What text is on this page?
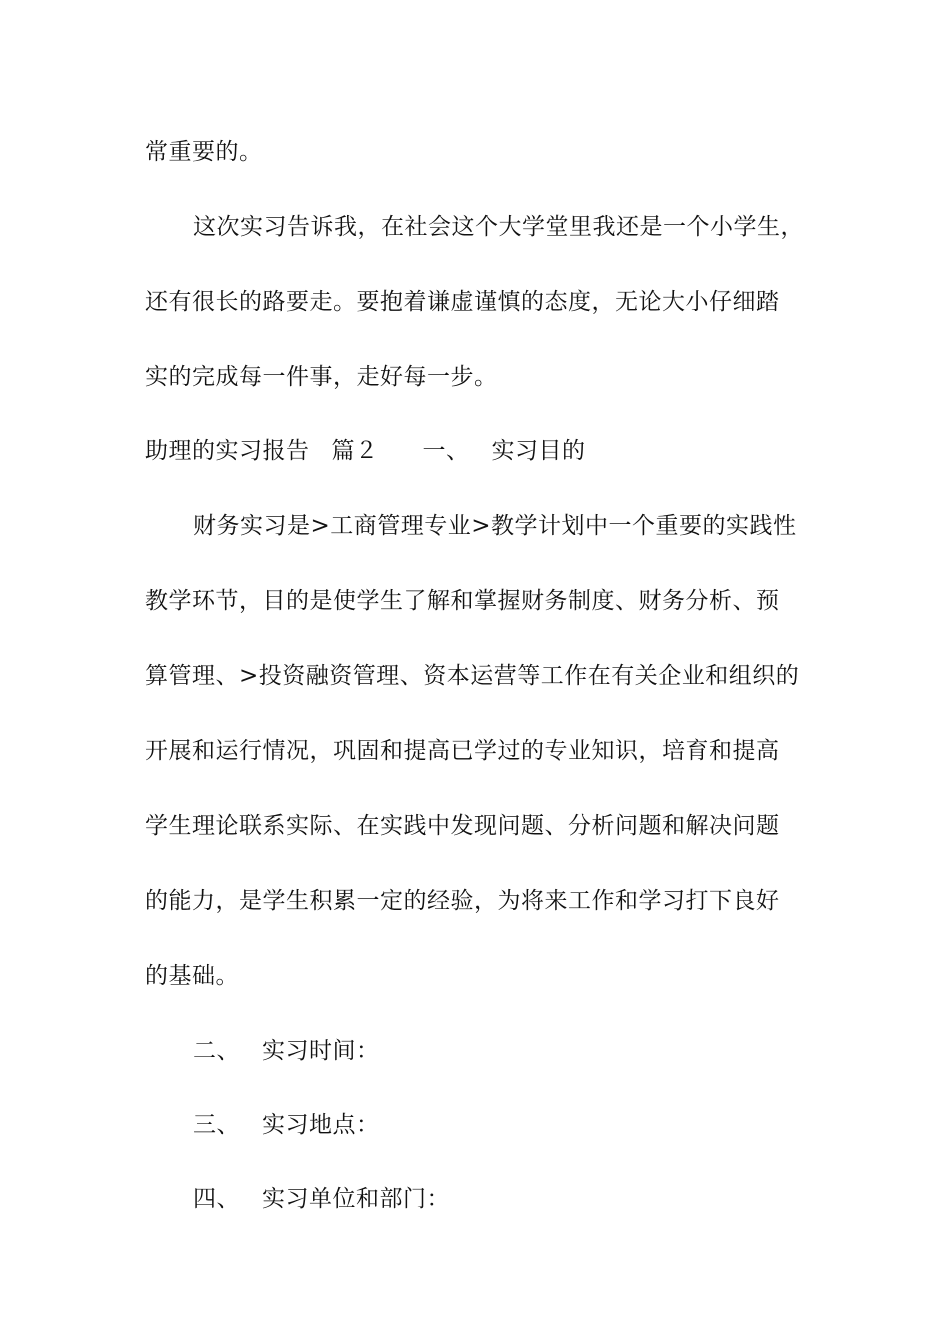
常重要的。
这次实习告诉我，在社会这个大学堂里我还是一个小学生，
还有很长的路要走。要抱着谦虚谨慎的态度，无论大小仔细踏
实的完成每一件事，走好每一步。
助理的实习报告 篇２ 一、 实习目的
财务实习是>工商管理专业>教学计划中一个重要的实践性
教学环节，目的是使学生了解和掌握财务制度、财务分析、预
算管理、>投资融资管理、资本运营等工作在有关企业和组织的
开展和运行情况，巩固和提高已学过的专业知识，培育和提高
学生理论联系实际、在实践中发现问题、分析问题和解决问题
的能力，是学生积累一定的经验，为将来工作和学习打下良好
的基础。
二、 实习时间：
三、 实习地点：
四、 实习单位和部门：
